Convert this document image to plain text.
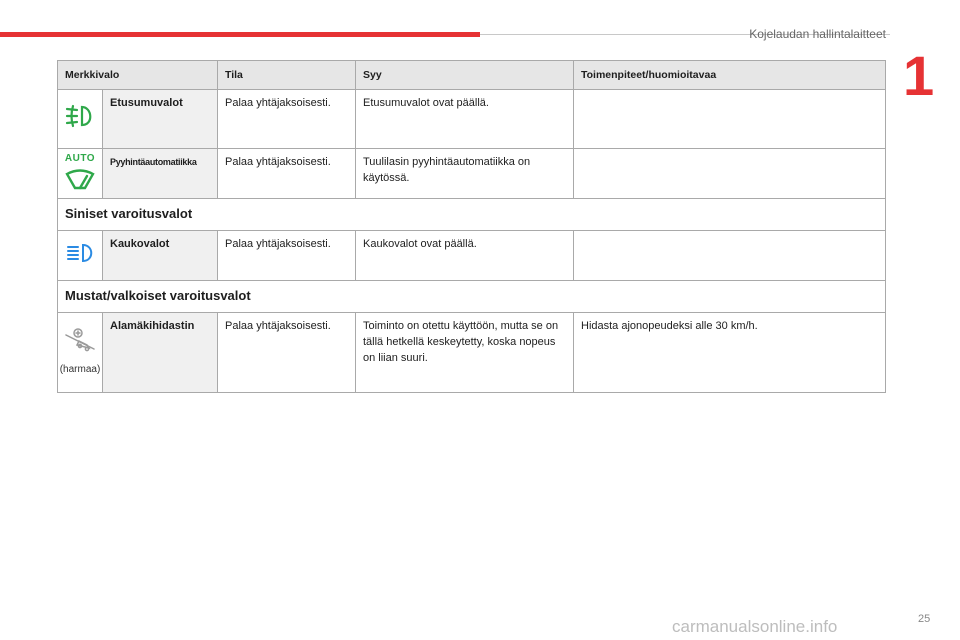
Kojelaudan hallintalaitteet
1
Merkkivalo		Tila	Syy	Toimenpiteet/huomioitavaa
	Etusumuvalot	Palaa yhtäjaksoisesti.	Etusumuvalot ovat päällä.	

AUTO	Pyyhintäautomatiikka	Palaa yhtäjaksoisesti.	Tuulilasin pyyhintäautomatiikka on käytössä.	
Siniset varoitusvalot				
	Kaukovalot	Palaa yhtäjaksoisesti.	Kaukovalot ovat päällä.	
Mustat/valkoiset varoitusvalot				

(harmaa)	Alamäkihidastin	Palaa yhtäjaksoisesti.	Toiminto on otettu käyttöön, mutta se on tällä hetkellä keskeytetty, koska nopeus on liian suuri.	Hidasta ajonopeudeksi alle 30 km/h.
25
carmanualsonline.info
